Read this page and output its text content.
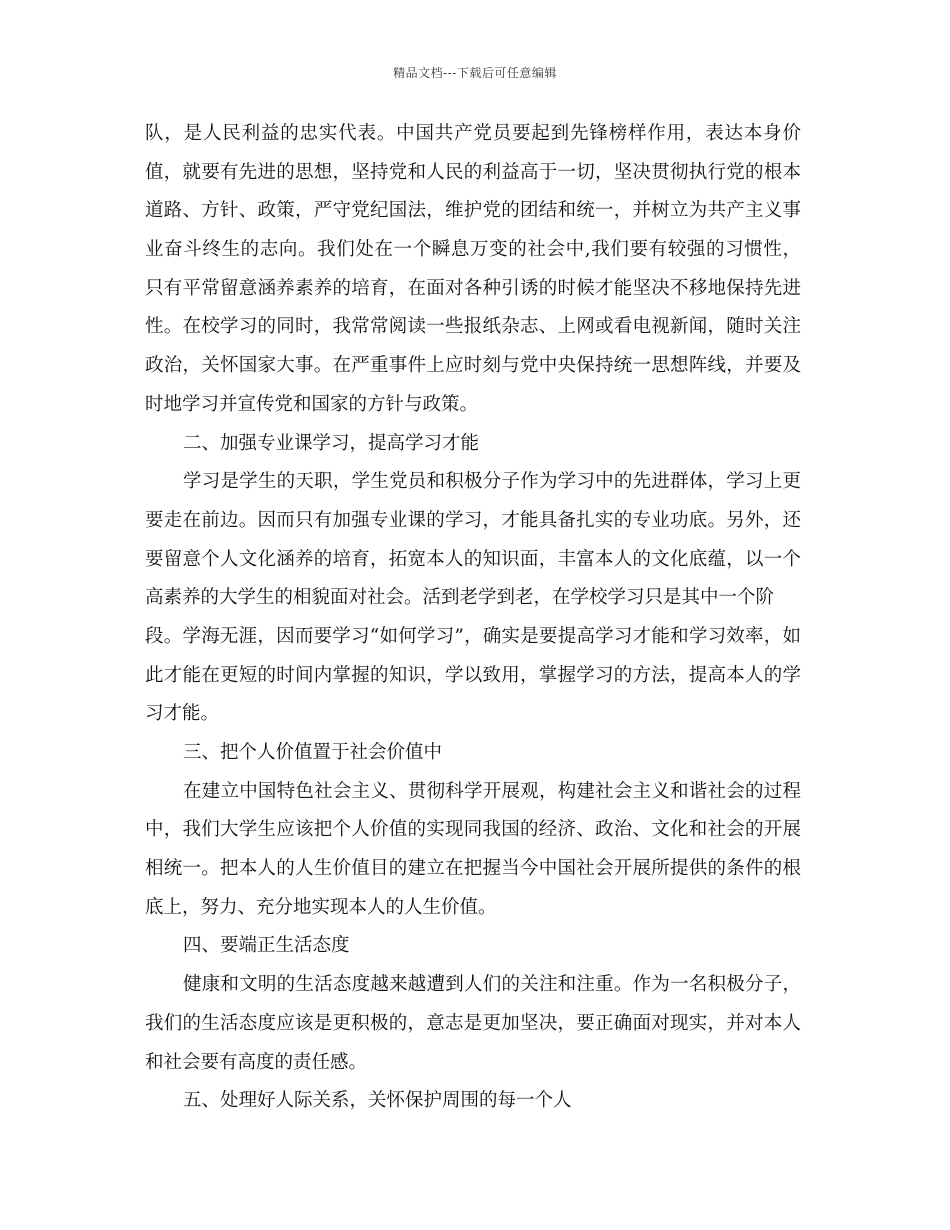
精品文档---下载后可任意编辑
队，是人民利益的忠实代表。中国共产党员要起到先锋榜样作用，表达本身价
值，就要有先进的思想，坚持党和人民的利益高于一切，坚决贯彻执行党的根本
道路、方针、政策，严守党纪国法，维护党的团结和统一，并树立为共产主义事
业奋斗终生的志向。我们处在一个瞬息万变的社会中,我们要有较强的习惯性，
只有平常留意涵养素养的培育，在面对各种引诱的时候才能坚决不移地保持先进
性。在校学习的同时，我常常阅读一些报纸杂志、上网或看电视新闻，随时关注
政治，关怀国家大事。在严重事件上应时刻与党中央保持统一思想阵线，并要及
时地学习并宣传党和国家的方针与政策。
二、加强专业课学习，提高学习才能
学习是学生的天职，学生党员和积极分子作为学习中的先进群体，学习上更
要走在前边。因而只有加强专业课的学习，才能具备扎实的专业功底。另外，还
要留意个人文化涵养的培育，拓宽本人的知识面，丰富本人的文化底蕴，以一个
高素养的大学生的相貌面对社会。活到老学到老，在学校学习只是其中一个阶
段。学海无涯，因而要学习“如何学习”，确实是要提高学习才能和学习效率，如
此才能在更短的时间内掌握的知识，学以致用，掌握学习的方法，提高本人的学
习才能。
三、把个人价值置于社会价值中
在建立中国特色社会主义、贯彻科学开展观，构建社会主义和谐社会的过程
中，我们大学生应该把个人价值的实现同我国的经济、政治、文化和社会的开展
相统一。把本人的人生价值目的建立在把握当今中国社会开展所提供的条件的根
底上，努力、充分地实现本人的人生价值。
四、要端正生活态度
健康和文明的生活态度越来越遭到人们的关注和注重。作为一名积极分子，
我们的生活态度应该是更积极的，意志是更加坚决，要正确面对现实，并对本人
和社会要有高度的责任感。
五、处理好人际关系，关怀保护周围的每一个人
